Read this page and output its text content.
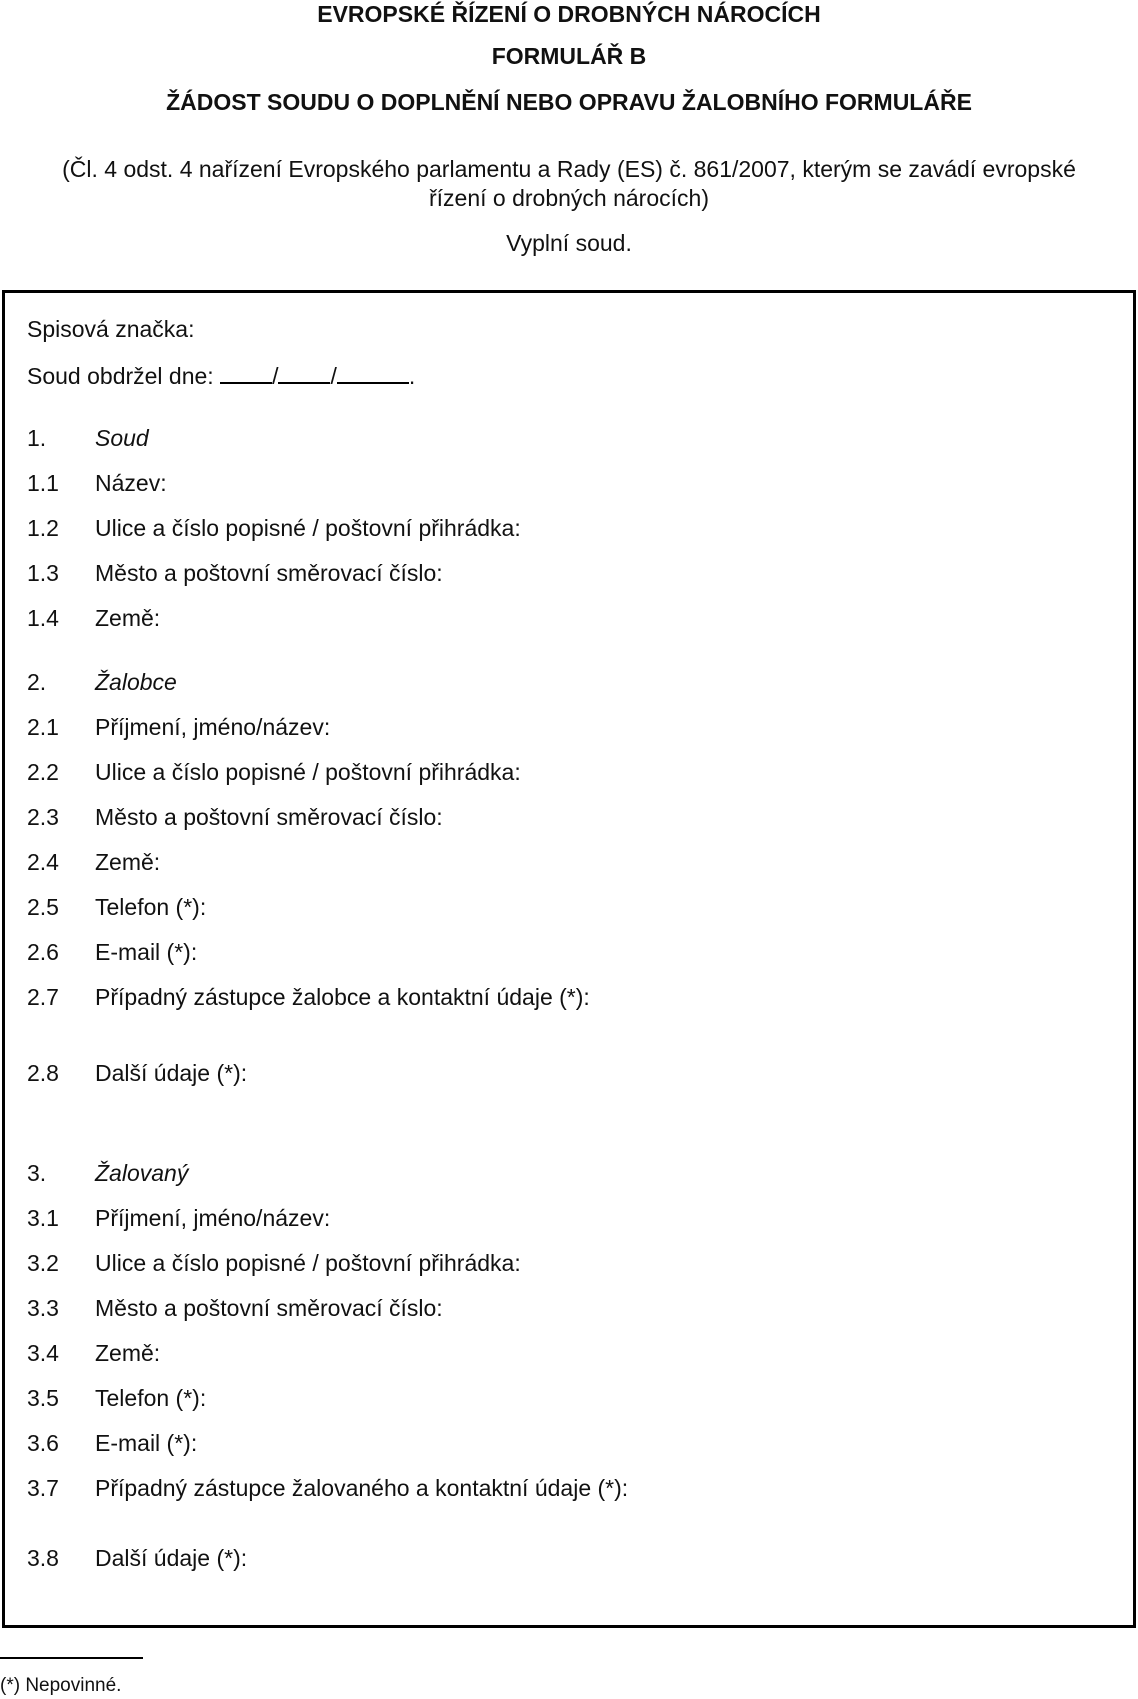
EVROPSKÉ ŘÍZENÍ O DROBNÝCH NÁROCÍCH
FORMULÁŘ B
ŽÁDOST SOUDU O DOPLNĚNÍ NEBO OPRAVU ŽALOBNÍHO FORMULÁŘE
(Čl. 4 odst. 4 nařízení Evropského parlamentu a Rady (ES) č. 861/2007, kterým se zavádí evropské
řízení o drobných nárocích)
Vyplní soud.
Spisová značka:
Soud obdržel dne:	/ /	.
1. Soud
1.1 Název:
1.2 Ulice a číslo popisné / poštovní přihrádka:
1.3 Město a poštovní směrovací číslo:
1.4 Země:
2. Žalobce
2.1 Příjmení, jméno/název:
2.2 Ulice a číslo popisné / poštovní přihrádka:
2.3 Město a poštovní směrovací číslo:
2.4 Země:
2.5 Telefon (*):
2.6 E-mail (*):
2.7 Případný zástupce žalobce a kontaktní údaje (*):
2.8 Další údaje (*):
3. Žalovaný
3.1 Příjmení, jméno/název:
3.2 Ulice a číslo popisné / poštovní přihrádka:
3.3 Město a poštovní směrovací číslo:
3.4 Země:
3.5 Telefon (*):
3.6 E-mail (*):
3.7 Případný zástupce žalovaného a kontaktní údaje (*):
3.8 Další údaje (*):
(*) Nepovinné.
